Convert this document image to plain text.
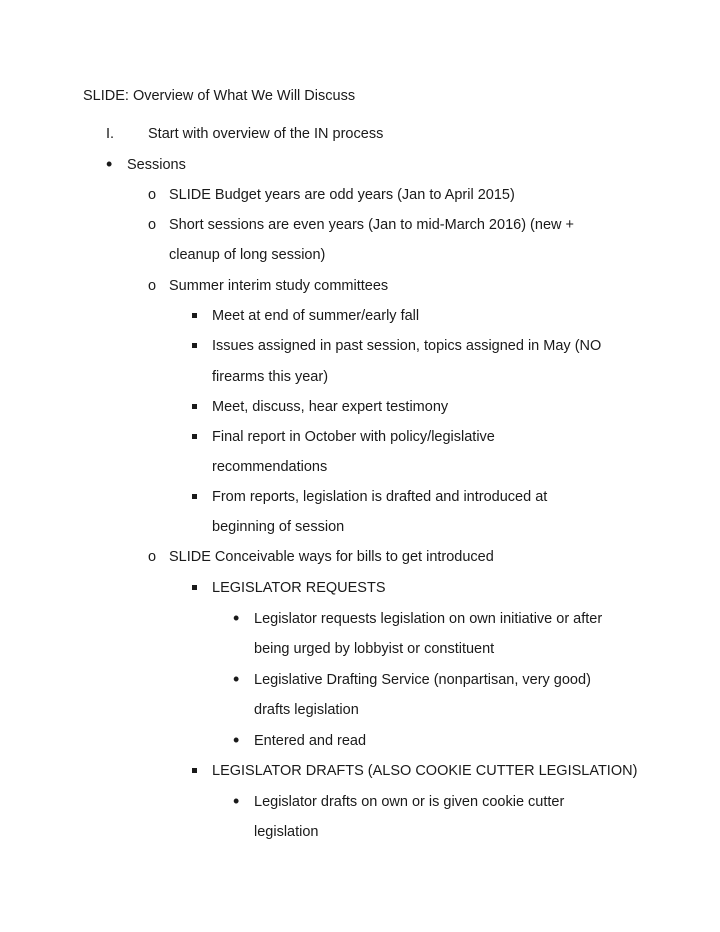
SLIDE: Overview of What We Will Discuss
I. Start with overview of the IN process
• Sessions
o SLIDE Budget years are odd years (Jan to April 2015)
o Short sessions are even years (Jan to mid-March 2016) (new +
cleanup of long session)
o Summer interim study committees
Meet at end of summer/early fall
Issues assigned in past session, topics assigned in May (NO
firearms this year)
Meet, discuss, hear expert testimony
Final report in October with policy/legislative
recommendations
From reports, legislation is drafted and introduced at
beginning of session
o SLIDE Conceivable ways for bills to get introduced
LEGISLATOR REQUESTS
• Legislator requests legislation on own initiative or after
being urged by lobbyist or constituent
• Legislative Drafting Service (nonpartisan, very good)
drafts legislation
• Entered and read
LEGISLATOR DRAFTS (ALSO COOKIE CUTTER LEGISLATION)
• Legislator drafts on own or is given cookie cutter
legislation
